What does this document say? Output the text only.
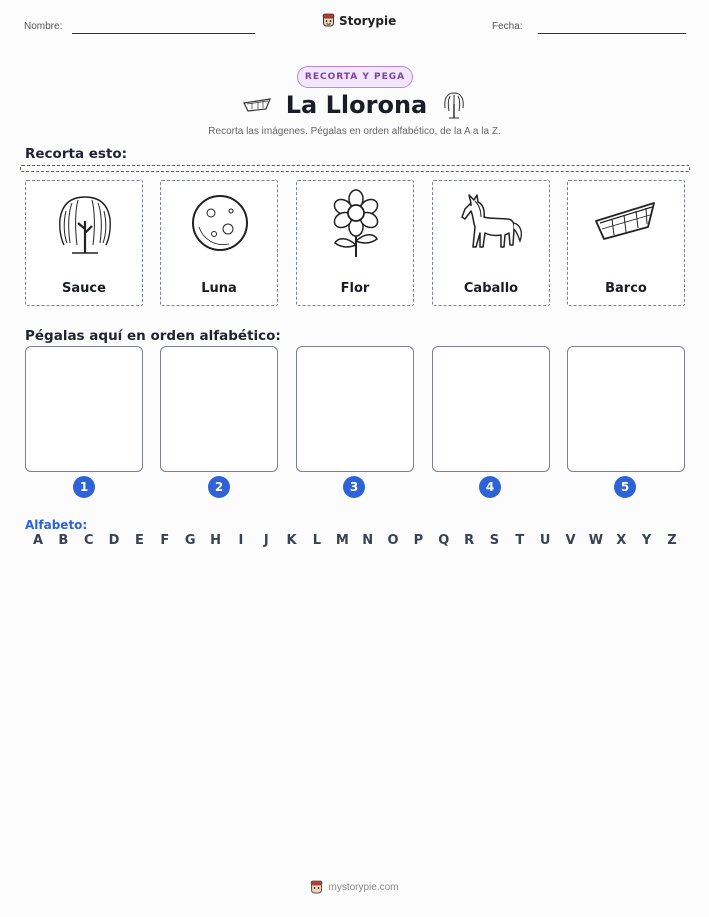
Nombre:	Storypie	Fecha:
RECORTA Y PEGA
La Llorona
Recorta las imágenes. Pégalas en orden alfabético, de la A a la Z.
Recorta esto:
Sauce	Luna	Flor	Caballo	Barco
Pégalas aquí en orden alfabético:
1	2	3	4	5
Alfabeto:
A B C D E F G H	I	J	K L M N O P Q R S T U V W X Y Z
mystorypie.com
